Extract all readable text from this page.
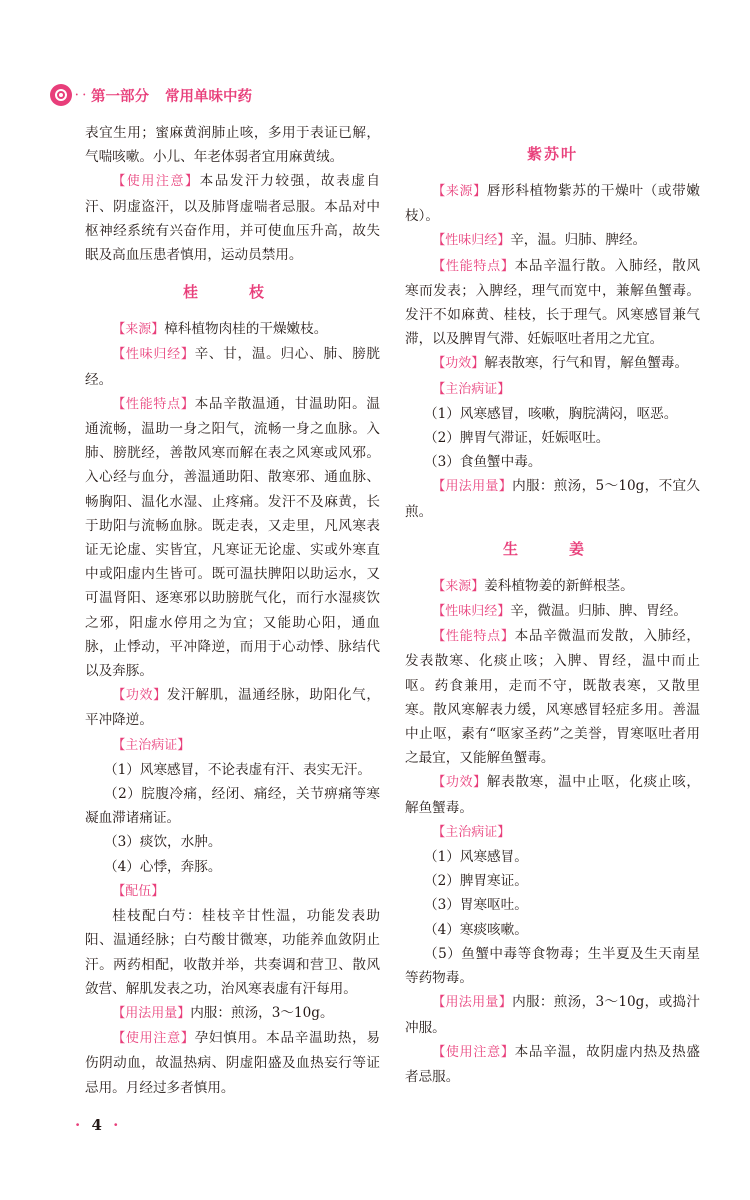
• • 第一部分 常用单味中药

表宜生用；蜜麻黄润肺止咳，多用于表证已解，气喘咳嗽。小儿、年老体弱者宜用麻黄绒。

【使用注意】本品发汗力较强，故表虚自汗、阴虚盗汗，以及肺肾虚喘者忌服。本品对中枢神经系统有兴奋作用，并可使血压升高，故失眠及高血压患者慎用，运动员禁用。

桂　枝

【来源】樟科植物肉桂的干燥嫩枝。

【性味归经】辛、甘，温。归心、肺、膀胱经。

【性能特点】本品辛散温通，甘温助阳。温通流畅，温助一身之阳气，流畅一身之血脉。入肺、膀胱经，善散风寒而解在表之风寒或风邪。入心经与血分，善温通助阳、散寒邪、通血脉、畅胸阳、温化水湿、止疼痛。发汗不及麻黄，长于助阳与流畅血脉。既走表，又走里，凡风寒表证无论虚、实皆宜，凡寒证无论虚、实或外寒直中或阳虚内生皆可。既可温扶脾阳以助运水，又可温肾阳、逐寒邪以助膀胱气化，而行水湿痰饮之邪，阳虚水停用之为宜；又能助心阳，通血脉，止悸动，平冲降逆，而用于心动悸、脉结代以及奔豚。

【功效】发汗解肌，温通经脉，助阳化气，平冲降逆。

【主治病证】

（1）风寒感冒，不论表虚有汗、表实无汗。

（2）脘腹冷痛，经闭、痛经，关节痹痛等寒凝血滞诸痛证。

（3）痰饮，水肿。

（4）心悸，奔豚。

【配伍】

桂枝配白芍：桂枝辛甘性温，功能发表助阳、温通经脉；白芍酸甘微寒，功能养血敛阴止汗。两药相配，收散并举，共奏调和营卫、散风敛营、解肌发表之功，治风寒表虚有汗每用。

【用法用量】内服：煎汤，3～10g。

【使用注意】孕妇慎用。本品辛温助热，易伤阴动血，故温热病、阴虚阳盛及血热妄行等证忌用。月经过多者慎用。

紫苏叶

【来源】唇形科植物紫苏的干燥叶（或带嫩枝）。

【性味归经】辛，温。归肺、脾经。

【性能特点】本品辛温行散。入肺经，散风寒而发表；入脾经，理气而宽中，兼解鱼蟹毒。发汗不如麻黄、桂枝，长于理气。风寒感冒兼气滞，以及脾胃气滞、妊娠呕吐者用之尤宜。

【功效】解表散寒，行气和胃，解鱼蟹毒。

【主治病证】

（1）风寒感冒，咳嗽，胸脘满闷，呕恶。

（2）脾胃气滞证，妊娠呕吐。

（3）食鱼蟹中毒。

【用法用量】内服：煎汤，5～10g，不宜久煎。

生　姜

【来源】姜科植物姜的新鲜根茎。

【性味归经】辛，微温。归肺、脾、胃经。

【性能特点】本品辛微温而发散，入肺经，发表散寒、化痰止咳；入脾、胃经，温中而止呕。药食兼用，走而不守，既散表寒，又散里寒。散风寒解表力缓，风寒感冒轻症多用。善温中止呕，素有“呕家圣药”之美誉，胃寒呕吐者用之最宜，又能解鱼蟹毒。

【功效】解表散寒，温中止呕，化痰止咳，解鱼蟹毒。

【主治病证】

（1）风寒感冒。

（2）脾胃寒证。

（3）胃寒呕吐。

（4）寒痰咳嗽。

（5）鱼蟹中毒等食物毒；生半夏及生天南星等药物毒。

【用法用量】内服：煎汤，3～10g，或捣汁冲服。

【使用注意】本品辛温，故阴虚内热及热盛者忌服。

· 4 ·
